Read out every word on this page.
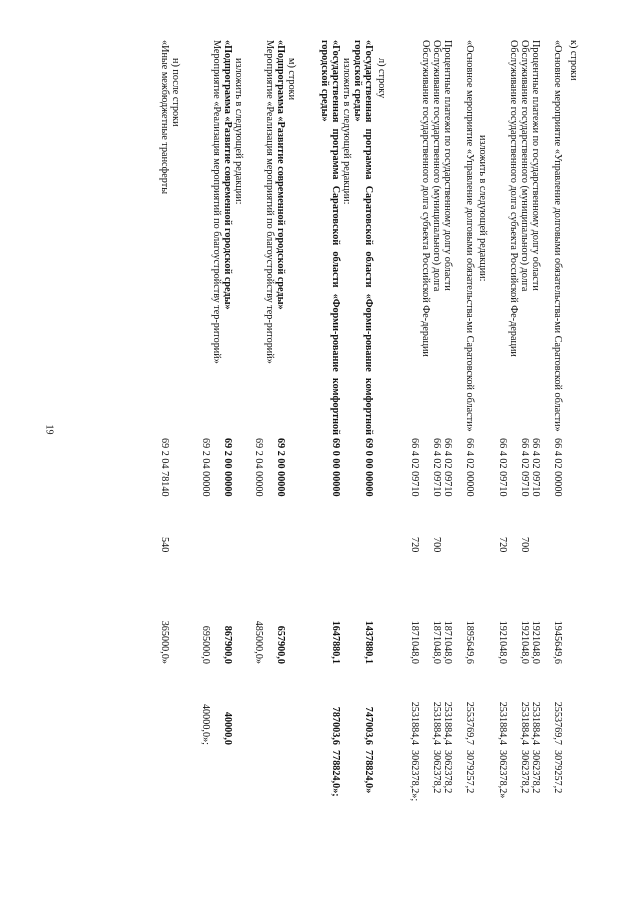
19
к) строки
«Основное мероприятие «Управление долговыми обязательства-ми Саратовской области»
66 4 02 00000
1945649,6
2553769,7
3079257,2
Процентные платежи по государственному долгу области
66 4 02 09710
1921048,0
2531884,4
3062378,2
Обслуживание государственного (муниципального) долга
66 4 02 09710
700
1921048,0
2531884,4
3062378,2
Обслуживание государственного долга субъекта Российской Фе-дерации
66 4 02 09710
720
1921048,0
2531884,4
3062378,2»
изложить в следующей редакции:
«Основное мероприятие «Управление долговыми обязательства-ми Саратовской области»
66 4 02 00000
1895649,6
2553769,7
3079257,2
Процентные платежи по государственному долгу области
66 4 02 09710
1871048,0
2531884,4
3062378,2
Обслуживание государственного (муниципального) долга
66 4 02 09710
700
1871048,0
2531884,4
3062378,2
Обслуживание государственного долга субъекта Российской Фе-дерации
66 4 02 09710
720
1871048,0
2531884,4
3062378,2»;
л) строку
«Государственная программа Саратовской области «Форми-рование комфортной городской среды»
69 0 00 00000
1437880,1
747003,6
778824,0»
изложить в следующей редакции:
«Государственная программа Саратовской области «Форми-рование комфортной городской среды»
69 0 00 00000
1647880,1
787003,6
778824,0»;
м) строки
«Подпрограмма «Развитие современной городской среды»
69 2 00 00000
657900,0
Мероприятие «Реализация мероприятий по благоустройству тер-риторий»
69 2 04 00000
485000,0»
изложить в следующей редакции:
«Подпрограмма «Развитие современной городской среды»
69 2 00 00000
867900,0
40000,0
Мероприятие «Реализация мероприятий по благоустройству тер-риторий»
69 2 04 00000
695000,0
40000,0»;
н) после строки
«Иные межбюджетные трансферты
69 2 04 78140
540
365000,0»
